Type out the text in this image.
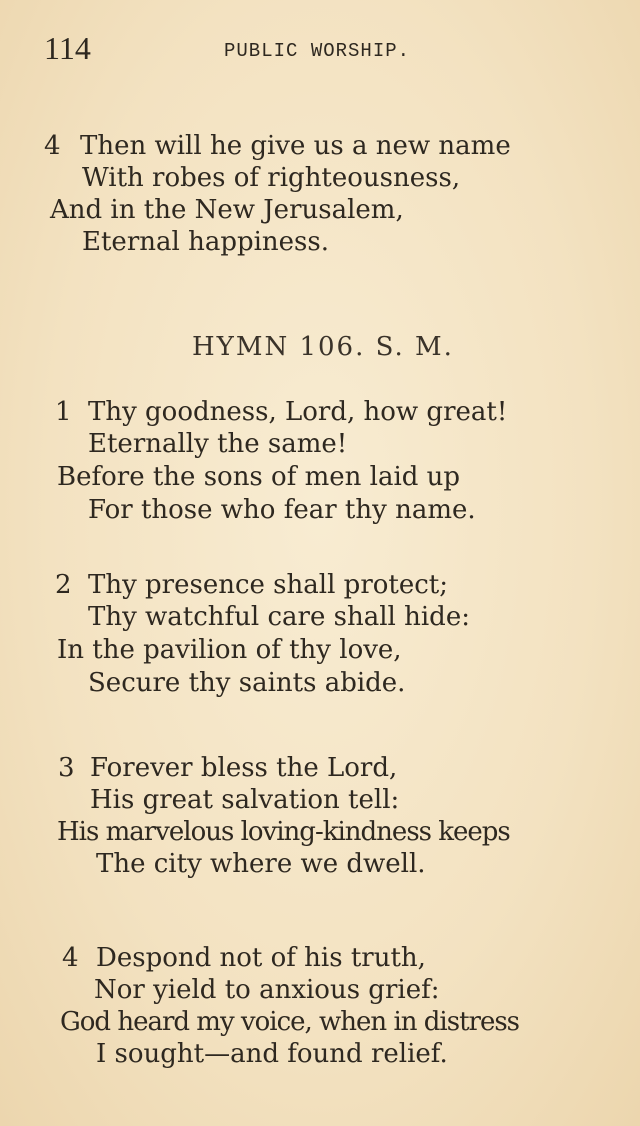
114	PUBLIC WORSHIP.
4 Then will he give us a new name
With robes of righteousness,
And in the New Jerusalem,
Eternal happiness.
HYMN 106. S. M.
1 Thy goodness, Lord, how great!
Eternally the same!
Before the sons of men laid up
For those who fear thy name.
2 Thy presence shall protect;
Thy watchful care shall hide:
In the pavilion of thy love,
Secure thy saints abide.
3 Forever bless the Lord,
His great salvation tell:
His marvelous loving-kindness keeps
The city where we dwell.
4 Despond not of his truth,
Nor yield to anxious grief:
God heard my voice, when in distress
I sought—and found relief.
